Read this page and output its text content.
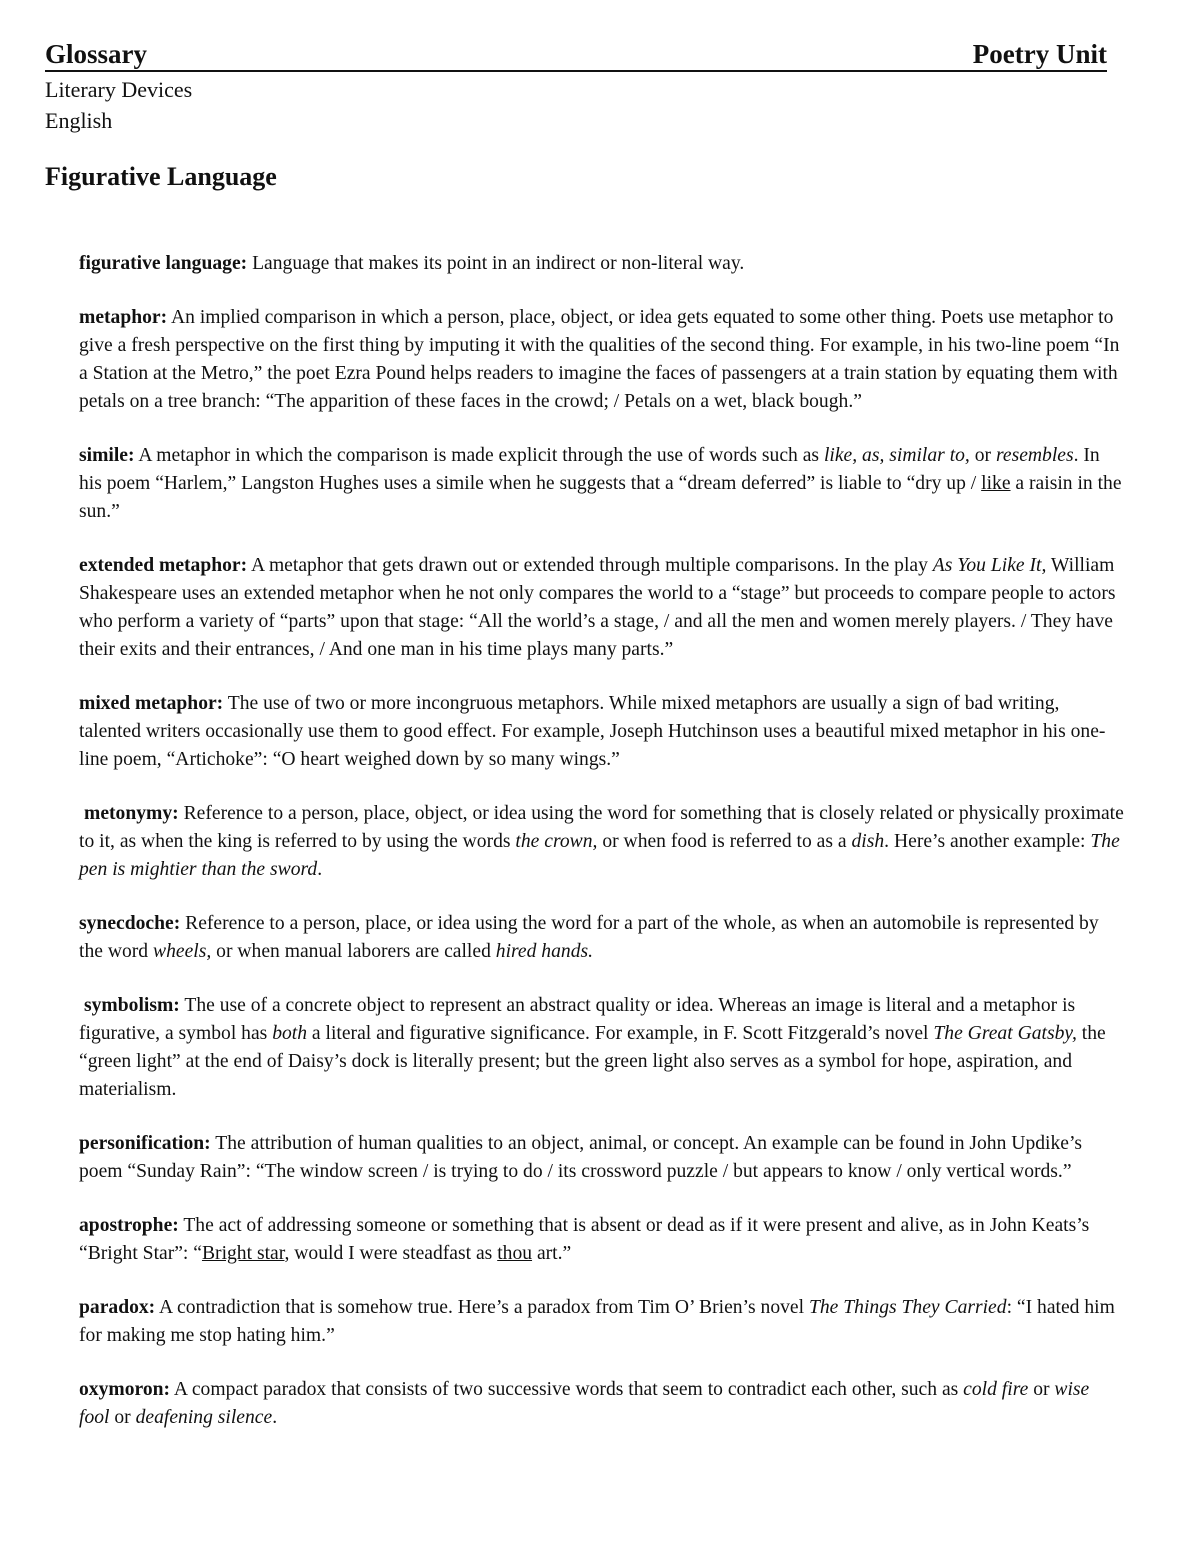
Glossary	Poetry Unit
Literary Devices
English
Figurative Language

figurative language: Language that makes its point in an indirect or non-literal way.

metaphor: An implied comparison in which a person, place, object, or idea gets equated to some other thing. Poets use metaphor to give a fresh perspective on the first thing by imputing it with the qualities of the second thing. For example, in his two-line poem “In a Station at the Metro,” the poet Ezra Pound helps readers to imagine the faces of passengers at a train station by equating them with petals on a tree branch: “The apparition of these faces in the crowd; / Petals on a wet, black bough.”

simile: A metaphor in which the comparison is made explicit through the use of words such as like, as, similar to, or resembles. In his poem “Harlem,” Langston Hughes uses a simile when he suggests that a “dream deferred” is liable to “dry up / like a raisin in the sun.”

extended metaphor: A metaphor that gets drawn out or extended through multiple comparisons. In the play As You Like It, William Shakespeare uses an extended metaphor when he not only compares the world to a “stage” but proceeds to compare people to actors who perform a variety of “parts” upon that stage: “All the world’s a stage, / and all the men and women merely players. / They have their exits and their entrances, / And one man in his time plays many parts.”

mixed metaphor: The use of two or more incongruous metaphors. While mixed metaphors are usually a sign of bad writing, talented writers occasionally use them to good effect. For example, Joseph Hutchinson uses a beautiful mixed metaphor in his one-line poem, “Artichoke”: “O heart weighed down by so many wings.”

metonymy: Reference to a person, place, object, or idea using the word for something that is closely related or physically proximate to it, as when the king is referred to by using the words the crown, or when food is referred to as a dish. Here’s another example: The pen is mightier than the sword.

synecdoche: Reference to a person, place, or idea using the word for a part of the whole, as when an automobile is represented by the word wheels, or when manual laborers are called hired hands.

symbolism: The use of a concrete object to represent an abstract quality or idea. Whereas an image is literal and a metaphor is figurative, a symbol has both a literal and figurative significance. For example, in F. Scott Fitzgerald’s novel The Great Gatsby, the “green light” at the end of Daisy’s dock is literally present; but the green light also serves as a symbol for hope, aspiration, and materialism.

personification: The attribution of human qualities to an object, animal, or concept. An example can be found in John Updike’s poem “Sunday Rain”: “The window screen / is trying to do / its crossword puzzle / but appears to know / only vertical words.”

apostrophe: The act of addressing someone or something that is absent or dead as if it were present and alive, as in John Keats’s “Bright Star”: “Bright star, would I were steadfast as thou art.”

paradox: A contradiction that is somehow true. Here’s a paradox from Tim O’ Brien’s novel The Things They Carried: “I hated him for making me stop hating him.”

oxymoron: A compact paradox that consists of two successive words that seem to contradict each other, such as cold fire or wise fool or deafening silence.
